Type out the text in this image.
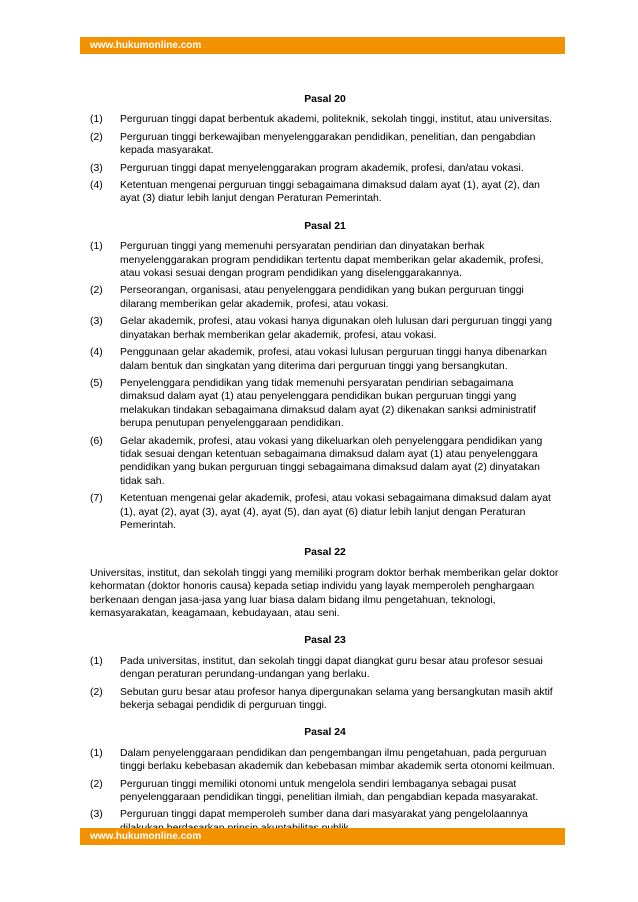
www.hukumonline.com
Pasal 20
(1)	Perguruan tinggi dapat berbentuk akademi, politeknik, sekolah tinggi, institut, atau universitas.
(2)	Perguruan tinggi berkewajiban menyelenggarakan pendidikan, penelitian, dan pengabdian kepada masyarakat.
(3)	Perguruan tinggi dapat menyelenggarakan program akademik, profesi, dan/atau vokasi.
(4)	Ketentuan mengenai perguruan tinggi sebagaimana dimaksud dalam ayat (1), ayat (2), dan ayat (3) diatur lebih lanjut dengan Peraturan Pemerintah.
Pasal 21
(1)	Perguruan tinggi yang memenuhi persyaratan pendirian dan dinyatakan berhak menyelenggarakan program pendidikan tertentu dapat memberikan gelar akademik, profesi, atau vokasi sesuai dengan program pendidikan yang diselenggarakannya.
(2)	Perseorangan, organisasi, atau penyelenggara pendidikan yang bukan perguruan tinggi dilarang memberikan gelar akademik, profesi, atau vokasi.
(3)	Gelar akademik, profesi, atau vokasi hanya digunakan oleh lulusan dari perguruan tinggi yang dinyatakan berhak memberikan gelar akademik, profesi, atau vokasi.
(4)	Penggunaan gelar akademik, profesi, atau vokasi lulusan perguruan tinggi hanya dibenarkan dalam bentuk dan singkatan yang diterima dari perguruan tinggi yang bersangkutan.
(5)	Penyelenggara pendidikan yang tidak memenuhi persyaratan pendirian sebagaimana dimaksud dalam ayat (1) atau penyelenggara pendidikan bukan perguruan tinggi yang melakukan tindakan sebagaimana dimaksud dalam ayat (2) dikenakan sanksi administratif berupa penutupan penyelenggaraan pendidikan.
(6)	Gelar akademik, profesi, atau vokasi yang dikeluarkan oleh penyelenggara pendidikan yang tidak sesuai dengan ketentuan sebagaimana dimaksud dalam ayat (1) atau penyelenggara pendidikan yang bukan perguruan tinggi sebagaimana dimaksud dalam ayat (2) dinyatakan tidak sah.
(7)	Ketentuan mengenai gelar akademik, profesi, atau vokasi sebagaimana dimaksud dalam ayat (1), ayat (2), ayat (3), ayat (4), ayat (5), dan ayat (6) diatur lebih lanjut dengan Peraturan Pemerintah.
Pasal 22

Universitas, institut, dan sekolah tinggi yang memiliki program doktor berhak memberikan gelar doktor kehormatan (doktor honoris causa) kepada setiap individu yang layak memperoleh penghargaan berkenaan dengan jasa-jasa yang luar biasa dalam bidang ilmu pengetahuan, teknologi, kemasyarakatan, keagamaan, kebudayaan, atau seni.

Pasal 23
(1)	Pada universitas, institut, dan sekolah tinggi dapat diangkat guru besar atau profesor sesuai dengan peraturan perundang-undangan yang berlaku.
(2)	Sebutan guru besar atau profesor hanya dipergunakan selama yang bersangkutan masih aktif bekerja sebagai pendidik di perguruan tinggi.
Pasal 24
(1)	Dalam penyelenggaraan pendidikan dan pengembangan ilmu pengetahuan, pada perguruan tinggi berlaku kebebasan akademik dan kebebasan mimbar akademik serta otonomi keilmuan.
(2)	Perguruan tinggi memiliki otonomi untuk mengelola sendiri lembaganya sebagai pusat penyelenggaraan pendidikan tinggi, penelitian ilmiah, dan pengabdian kepada masyarakat.
(3)	Perguruan tinggi dapat memperoleh sumber dana dari masyarakat yang pengelolaannya
www.hukumonline.com
